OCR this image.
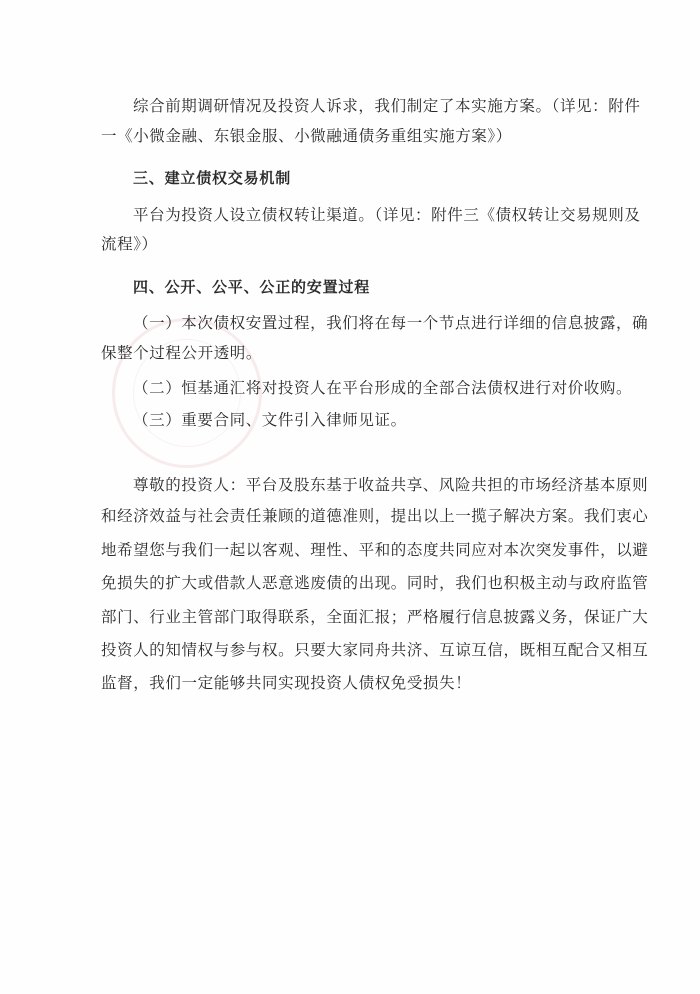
综合前期调研情况及投资人诉求，我们制定了本实施方案。（详见：附件
一《小微金融、东银金服、小微融通债务重组实施方案》）
三、建立债权交易机制
平台为投资人设立债权转让渠道。（详见：附件三《债权转让交易规则及
流程》）
四、公开、公平、公正的安置过程
（一）本次债权安置过程，我们将在每一个节点进行详细的信息披露，确
保整个过程公开透明。
（二）恒基通汇将对投资人在平台形成的全部合法债权进行对价收购。
（三）重要合同、文件引入律师见证。
尊敬的投资人：平台及股东基于收益共享、风险共担的市场经济基本原则
和经济效益与社会责任兼顾的道德准则，提出以上一揽子解决方案。我们衷心
地希望您与我们一起以客观、理性、平和的态度共同应对本次突发事件，以避
免损失的扩大或借款人恶意逃废债的出现。同时，我们也积极主动与政府监管
部门、行业主管部门取得联系，全面汇报；严格履行信息披露义务，保证广大
投资人的知情权与参与权。只要大家同舟共济、互谅互信，既相互配合又相互
监督，我们一定能够共同实现投资人债权免受损失！
